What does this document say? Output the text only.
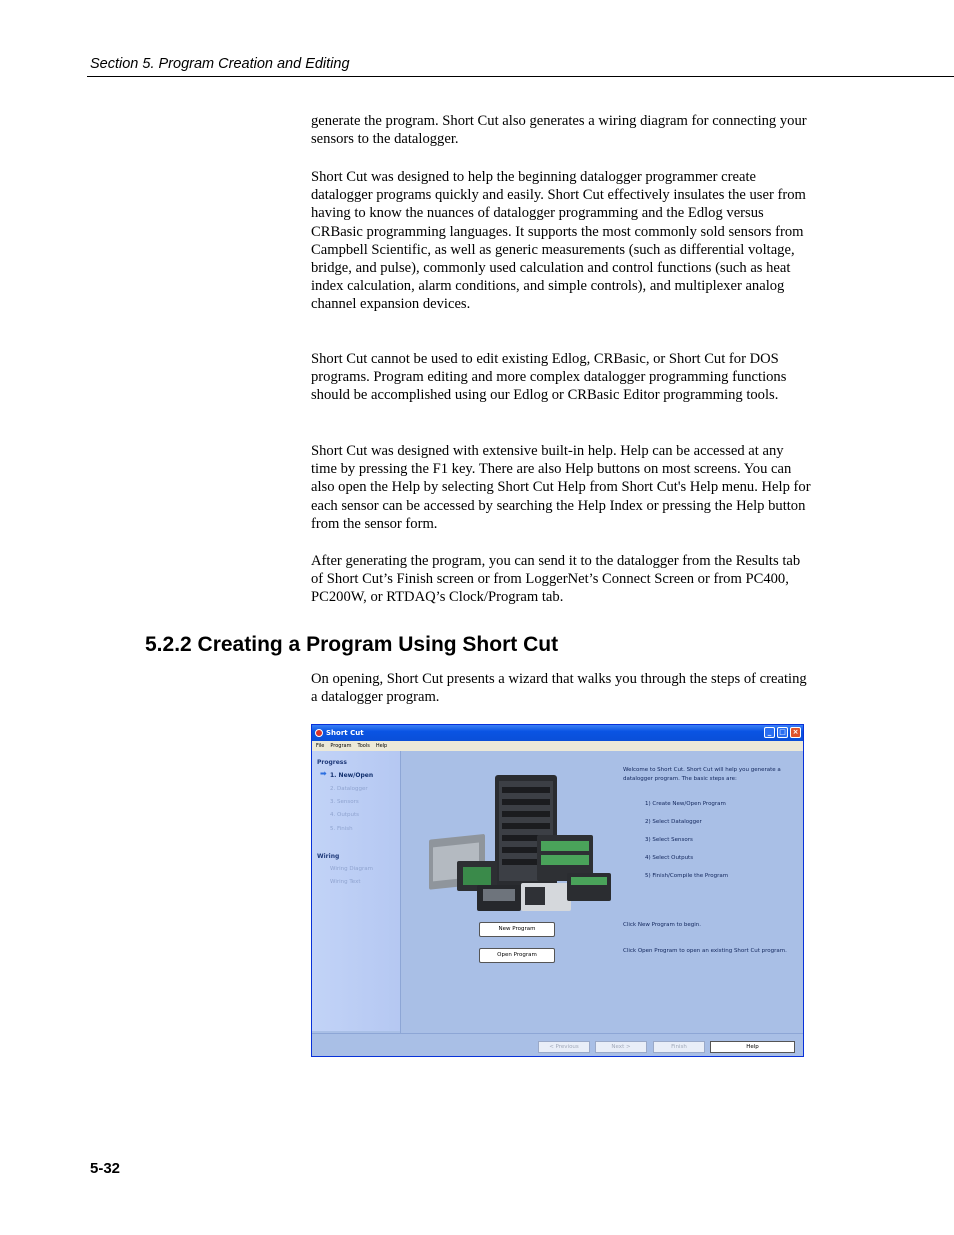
Section 5. Program Creation and Editing

generate the program. Short Cut also generates a wiring diagram for connecting your sensors to the datalogger.

Short Cut was designed to help the beginning datalogger programmer create datalogger programs quickly and easily. Short Cut effectively insulates the user from having to know the nuances of datalogger programming and the Edlog versus CRBasic programming languages. It supports the most commonly sold sensors from Campbell Scientific, as well as generic measurements (such as differential voltage, bridge, and pulse), commonly used calculation and control functions (such as heat index calculation, alarm conditions, and simple controls), and multiplexer analog channel expansion devices.

Short Cut cannot be used to edit existing Edlog, CRBasic, or Short Cut for DOS programs. Program editing and more complex datalogger programming functions should be accomplished using our Edlog or CRBasic Editor programming tools.

Short Cut was designed with extensive built-in help. Help can be accessed at any time by pressing the F1 key. There are also Help buttons on most screens. You can also open the Help by selecting Short Cut Help from Short Cut's Help menu. Help for each sensor can be accessed by searching the Help Index or pressing the Help button from the sensor form.

After generating the program, you can send it to the datalogger from the Results tab of Short Cut’s Finish screen or from LoggerNet’s Connect Screen or from PC400, PC200W, or RTDAQ’s Clock/Program tab.

5.2.2 Creating a Program Using Short Cut

On opening, Short Cut presents a wizard that walks you through the steps of creating a datalogger program.

Short Cut	_	□ ×
File Program Tools Help
Progress
➡ 1. New/Open
2. Datalogger
3. Sensors
4. Outputs
5. Finish
Wiring
Wiring Diagram
Wiring Text
Welcome to Short Cut. Short Cut will help you generate a datalogger program. The basic steps are:
1) Create New/Open Program
2) Select Datalogger
3) Select Sensors
4) Select Outputs
5) Finish/Compile the Program
New Program
Open Program
Click New Program to begin.
Click Open Program to open an existing Short Cut program.
< Previous	Next >	Finish	Help
5-32
